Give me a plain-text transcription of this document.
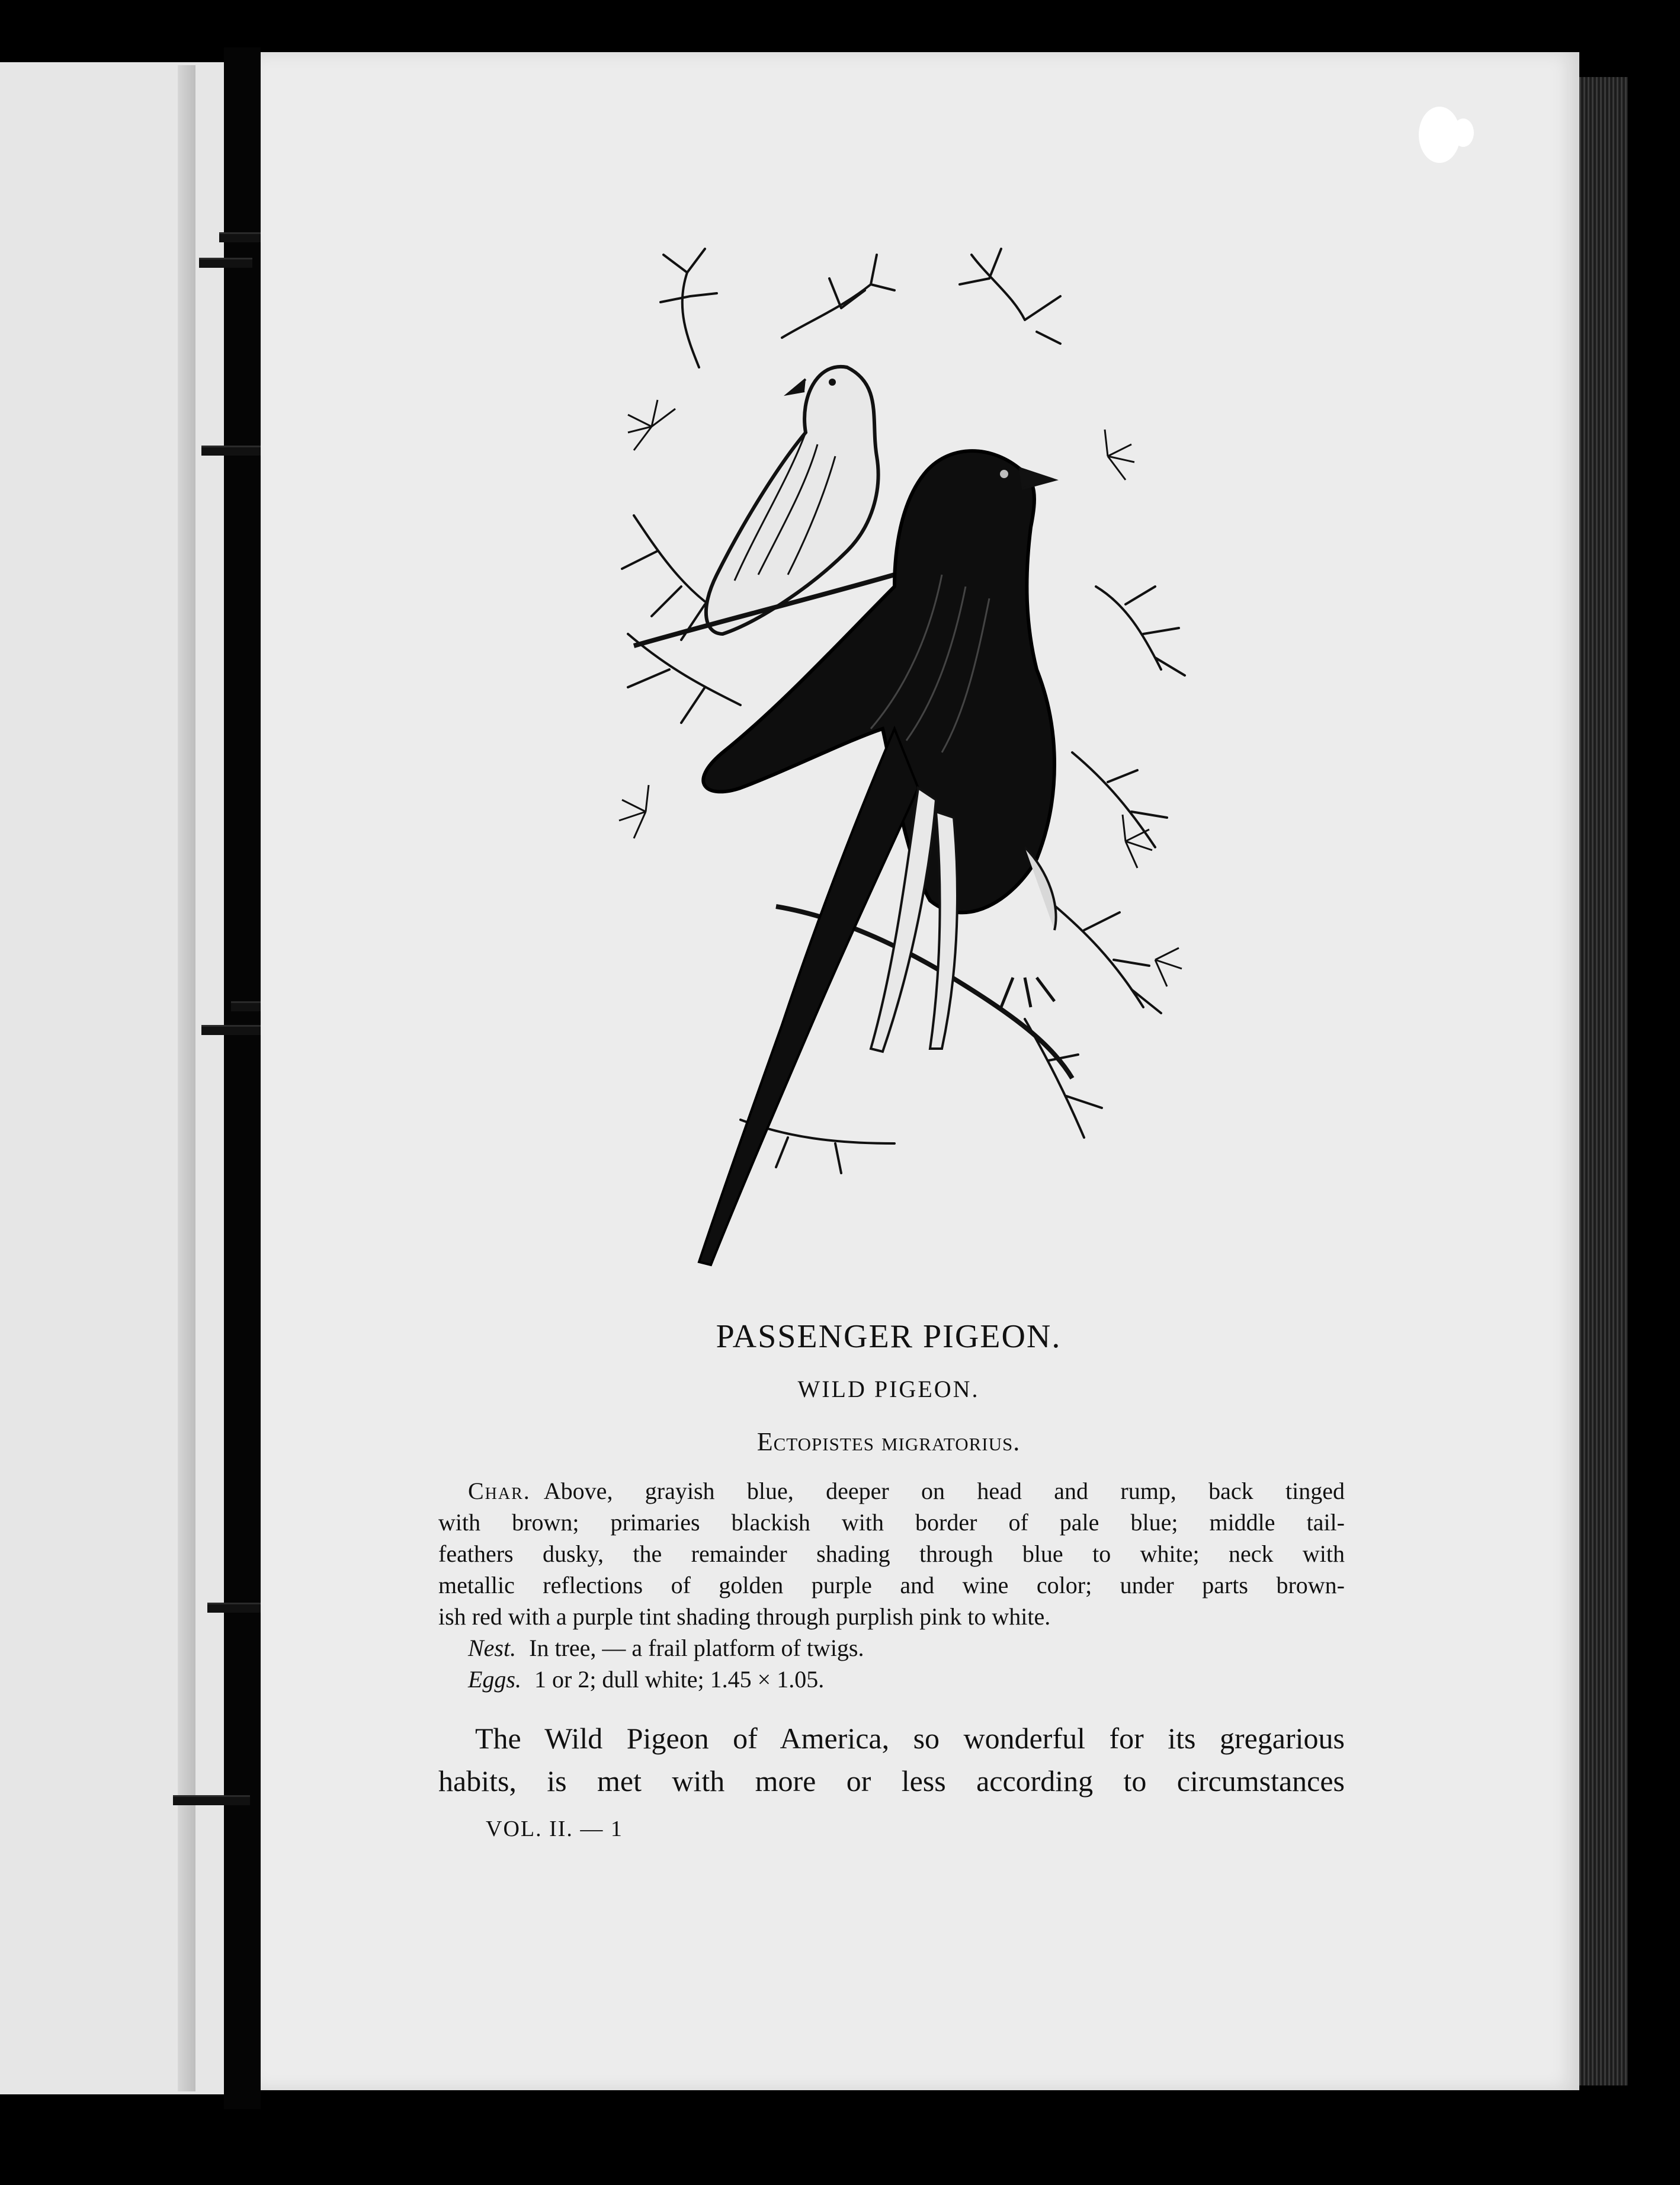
PASSENGER PIGEON.

WILD PIGEON.

Ectopistes migratorius.

Char. Above, grayish blue, deeper on head and rump, back tinged

with brown; primaries blackish with border of pale blue; middle tail-

feathers dusky, the remainder shading through blue to white; neck with

metallic reflections of golden purple and wine color; under parts brown-

ish red with a purple tint shading through purplish pink to white.

Nest. In tree, — a frail platform of twigs.

Eggs. 1 or 2; dull white; 1.45 × 1.05.

The Wild Pigeon of America, so wonderful for its gregarious

habits, is met with more or less according to circumstances

VOL. II. — 1
